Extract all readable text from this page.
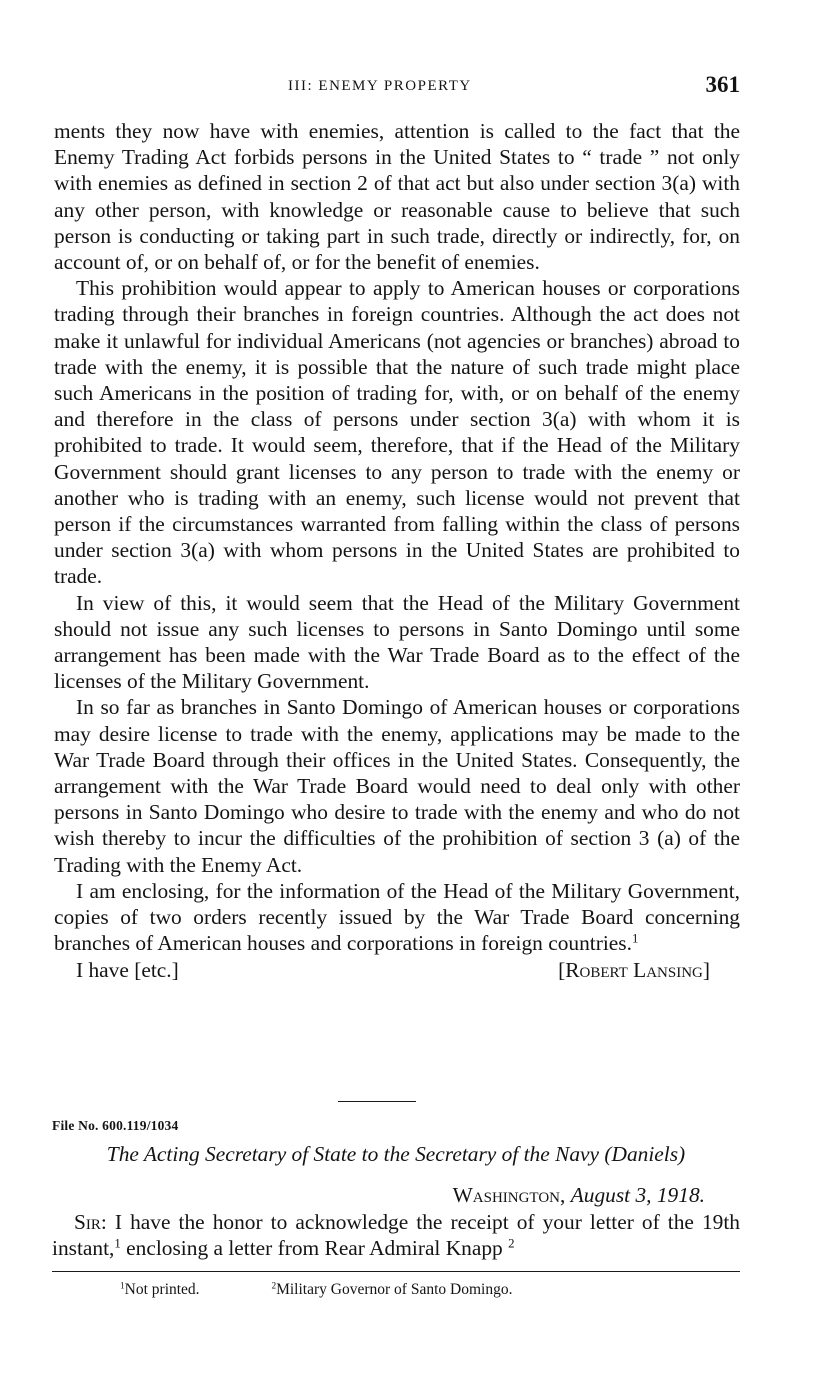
III: ENEMY PROPERTY	361

ments they now have with enemies, attention is called to the fact that the Enemy Trading Act forbids persons in the United States to “ trade ” not only with enemies as defined in section 2 of that act but also under section 3(a) with any other person, with knowledge or reasonable cause to believe that such person is conducting or taking part in such trade, directly or indirectly, for, on account of, or on behalf of, or for the benefit of enemies.

This prohibition would appear to apply to American houses or corporations trading through their branches in foreign countries. Although the act does not make it unlawful for individual Americans (not agencies or branches) abroad to trade with the enemy, it is possible that the nature of such trade might place such Americans in the position of trading for, with, or on behalf of the enemy and therefore in the class of persons under section 3(a) with whom it is prohibited to trade. It would seem, therefore, that if the Head of the Military Government should grant licenses to any person to trade with the enemy or another who is trading with an enemy, such license would not prevent that person if the circumstances warranted from falling within the class of persons under section 3(a) with whom persons in the United States are prohibited to trade.

In view of this, it would seem that the Head of the Military Government should not issue any such licenses to persons in Santo Domingo until some arrangement has been made with the War Trade Board as to the effect of the licenses of the Military Government.

In so far as branches in Santo Domingo of American houses or corporations may desire license to trade with the enemy, applications may be made to the War Trade Board through their offices in the United States. Consequently, the arrangement with the War Trade Board would need to deal only with other persons in Santo Domingo who desire to trade with the enemy and who do not wish thereby to incur the difficulties of the prohibition of section 3 (a) of the Trading with the Enemy Act.

I am enclosing, for the information of the Head of the Military Government, copies of two orders recently issued by the War Trade Board concerning branches of American houses and corporations in foreign countries.$^1$

I have [etc.]	[Robert Lansing]
File No. 600.119/1034
The Acting Secretary of State to the Secretary of the Navy (Daniels)
Washington, August 3, 1918.
Sir: I have the honor to acknowledge the receipt of your letter of the 19th instant,$^1$ enclosing a letter from Rear Admiral Knapp $^2$
$^1$Not printed.	$^2$Military Governor of Santo Domingo.
